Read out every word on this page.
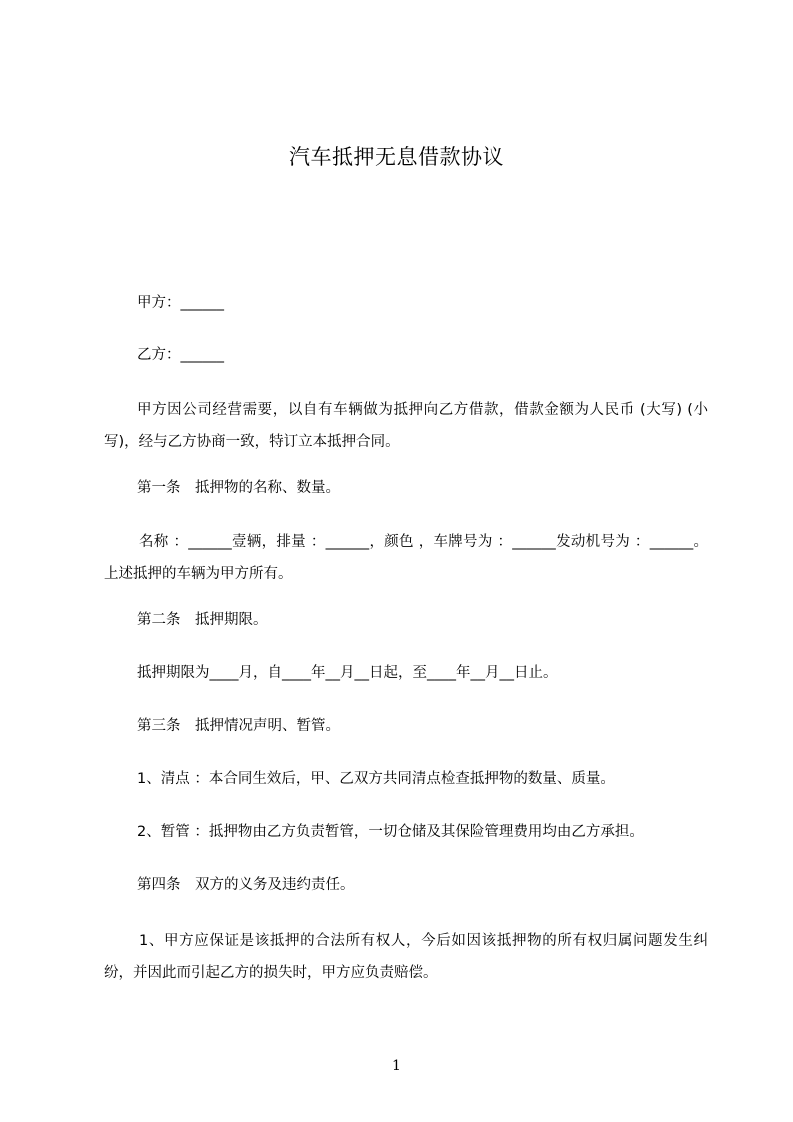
汽车抵押无息借款协议
甲方：______
乙方：______
甲方因公司经营需要，以自有车辆做为抵押向乙方借款，借款金额为人民币 (大写) (小写)，经与乙方协商一致，特订立本抵押合同。
第一条　抵押物的名称、数量。
名称 ：______壹辆，排量 ：______，颜色 ，车牌号为 ：______发动机号为 ：______。上述抵押的车辆为甲方所有。
第二条　抵押期限。
抵押期限为____月，自____年__月__日起，至____年__月__日止。
第三条　抵押情况声明、暂管。
1、清点 ：本合同生效后，甲、乙双方共同清点检查抵押物的数量、质量。
2、暂管 ：抵押物由乙方负责暂管，一切仓储及其保险管理费用均由乙方承担。
第四条　双方的义务及违约责任。
1、甲方应保证是该抵押的合法所有权人，今后如因该抵押物的所有权归属问题发生纠纷，并因此而引起乙方的损失时，甲方应负责赔偿。
1
